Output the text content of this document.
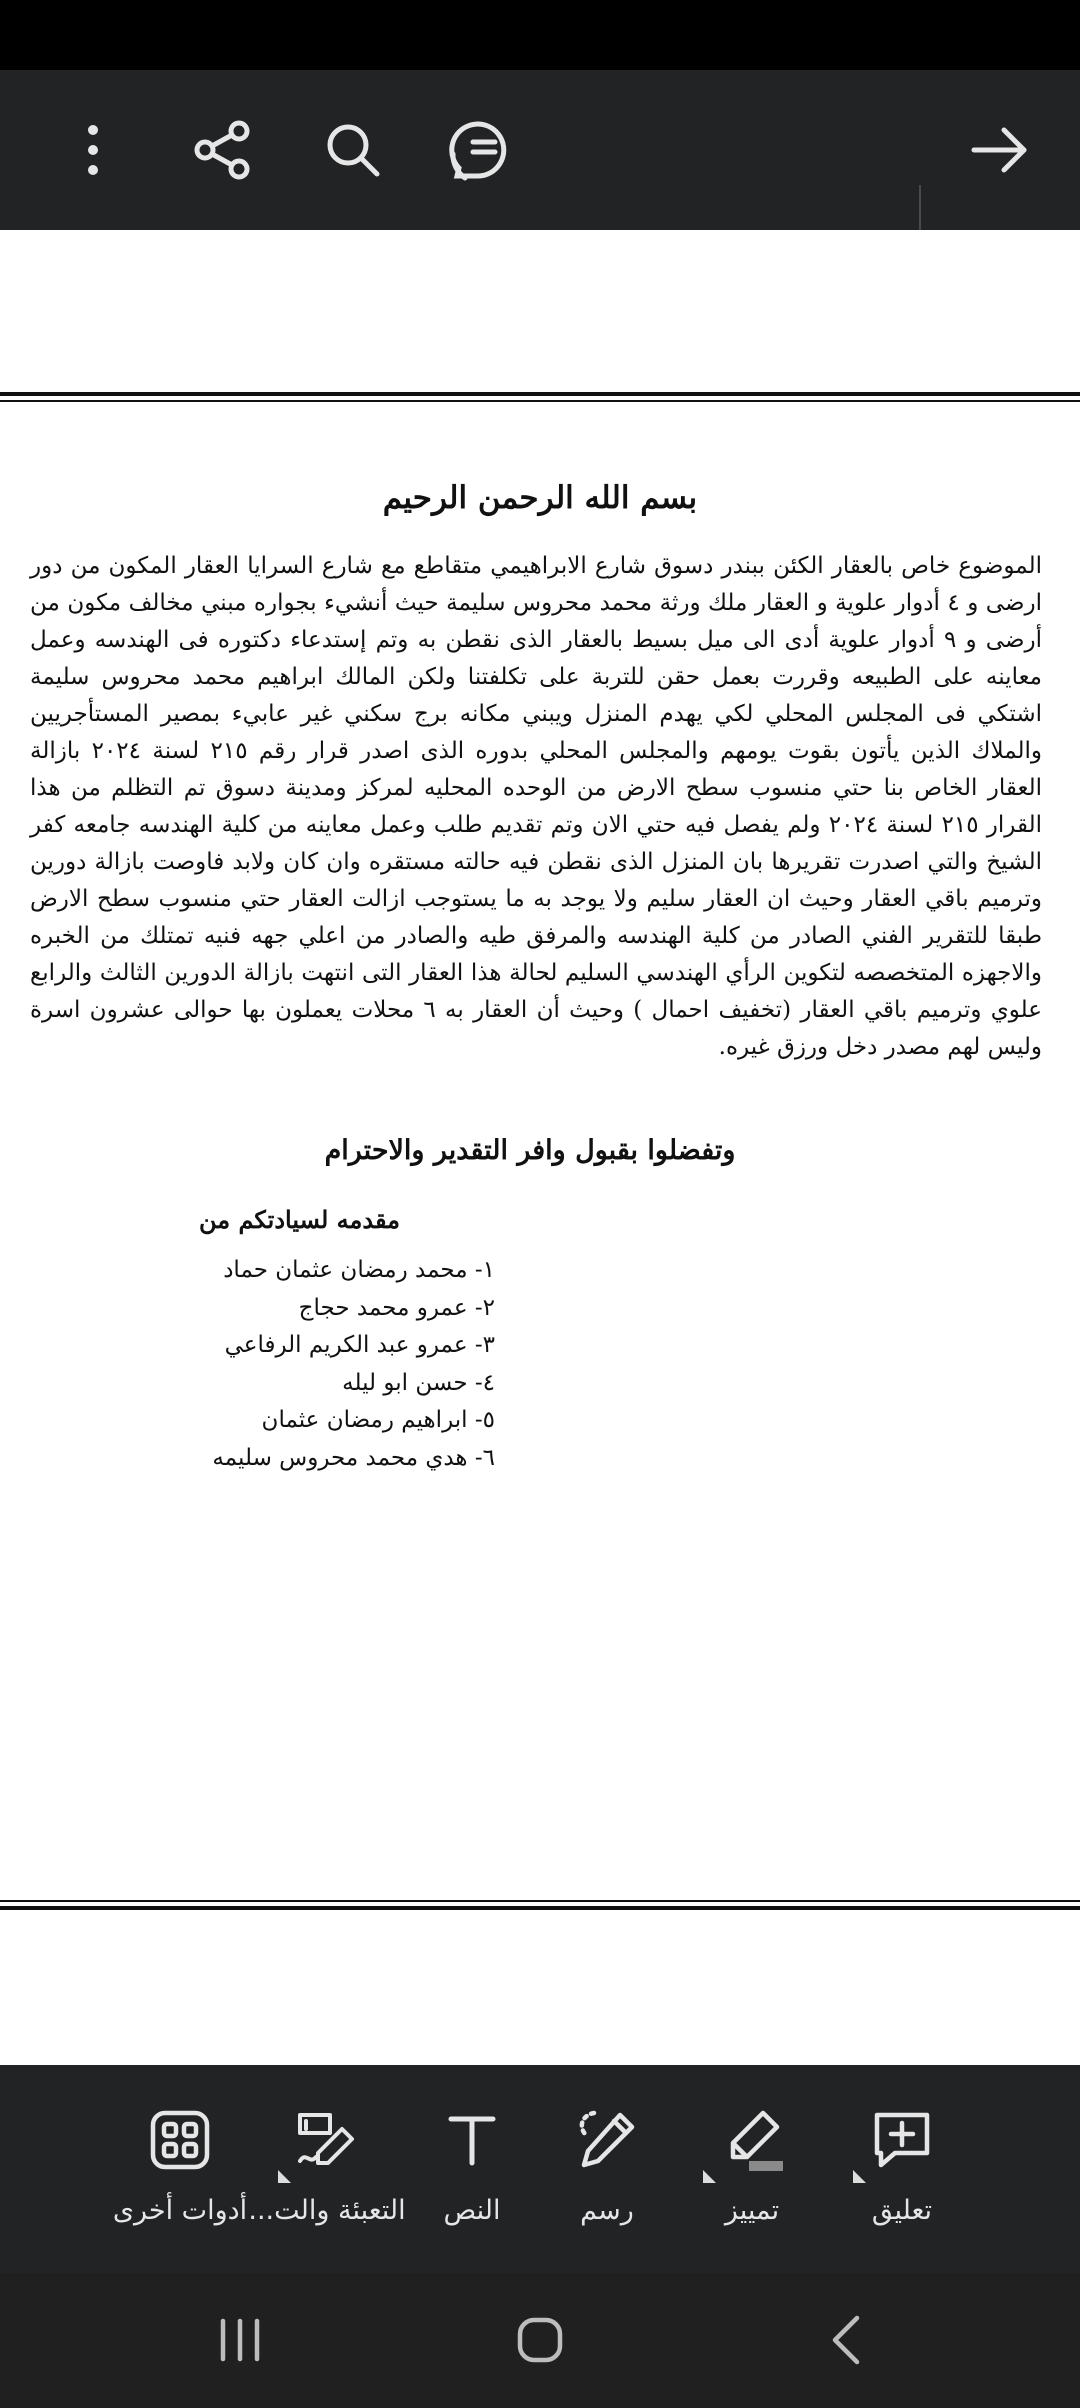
بسم الله الرحمن الرحيم

الموضوع خاص بالعقار الكئن ببندر دسوق شارع الابراهيمي متقاطع مع شارع السرايا العقار المكون من دور ارضى و ٤ أدوار علوية و العقار ملك ورثة محمد محروس سليمة حيث أنشيء بجواره مبني مخالف مكون من أرضى و ٩ أدوار علوية أدى الى ميل بسيط بالعقار الذى نقطن به وتم إستدعاء دكتوره فى الهندسه وعمل معاينه على الطبيعه وقررت بعمل حقن للتربة على تكلفتنا ولكن المالك ابراهيم محمد محروس سليمة اشتكي فى المجلس المحلي لكي يهدم المنزل ويبني مكانه برج سكني غير عابيء بمصير المستأجريين والملاك الذين يأتون بقوت يومهم والمجلس المحلي بدوره الذى اصدر قرار رقم ٢١٥ لسنة ٢٠٢٤ بازالة العقار الخاص بنا حتي منسوب سطح الارض من الوحده المحليه لمركز ومدينة دسوق تم التظلم من هذا القرار ٢١٥ لسنة ٢٠٢٤ ولم يفصل فيه حتي الان وتم تقديم طلب وعمل معاينه من كلية الهندسه جامعه كفر الشيخ والتي اصدرت تقريرها بان المنزل الذى نقطن فيه حالته مستقره وان كان ولابد فاوصت بازالة دورين وترميم باقي العقار وحيث ان العقار سليم ولا يوجد به ما يستوجب ازالت العقار حتي منسوب سطح الارض طبقا للتقرير الفني الصادر من كلية الهندسه والمرفق طيه والصادر من اعلي جهه فنيه تمتلك من الخبره والاجهزه المتخصصه لتكوين الرأي الهندسي السليم لحالة هذا العقار التى انتهت بازالة الدورين الثالث والرابع علوي وترميم باقي العقار (تخفيف احمال ) وحيث أن العقار به ٦ محلات يعملون بها حوالى عشرون اسرة وليس لهم مصدر دخل ورزق غيره.

وتفضلوا بقبول وافر التقدير والاحترام
مقدمه لسيادتكم من
١- محمد رمضان عثمان حماد
٢- عمرو محمد حجاج
٣- عمرو عبد الكريم الرفاعي
٤- حسن ابو ليله
٥- ابراهيم رمضان عثمان
٦- هدي محمد محروس سليمه
تعليق
تمييز
رسم
النص
التعبئة والت...
أدوات أخرى
